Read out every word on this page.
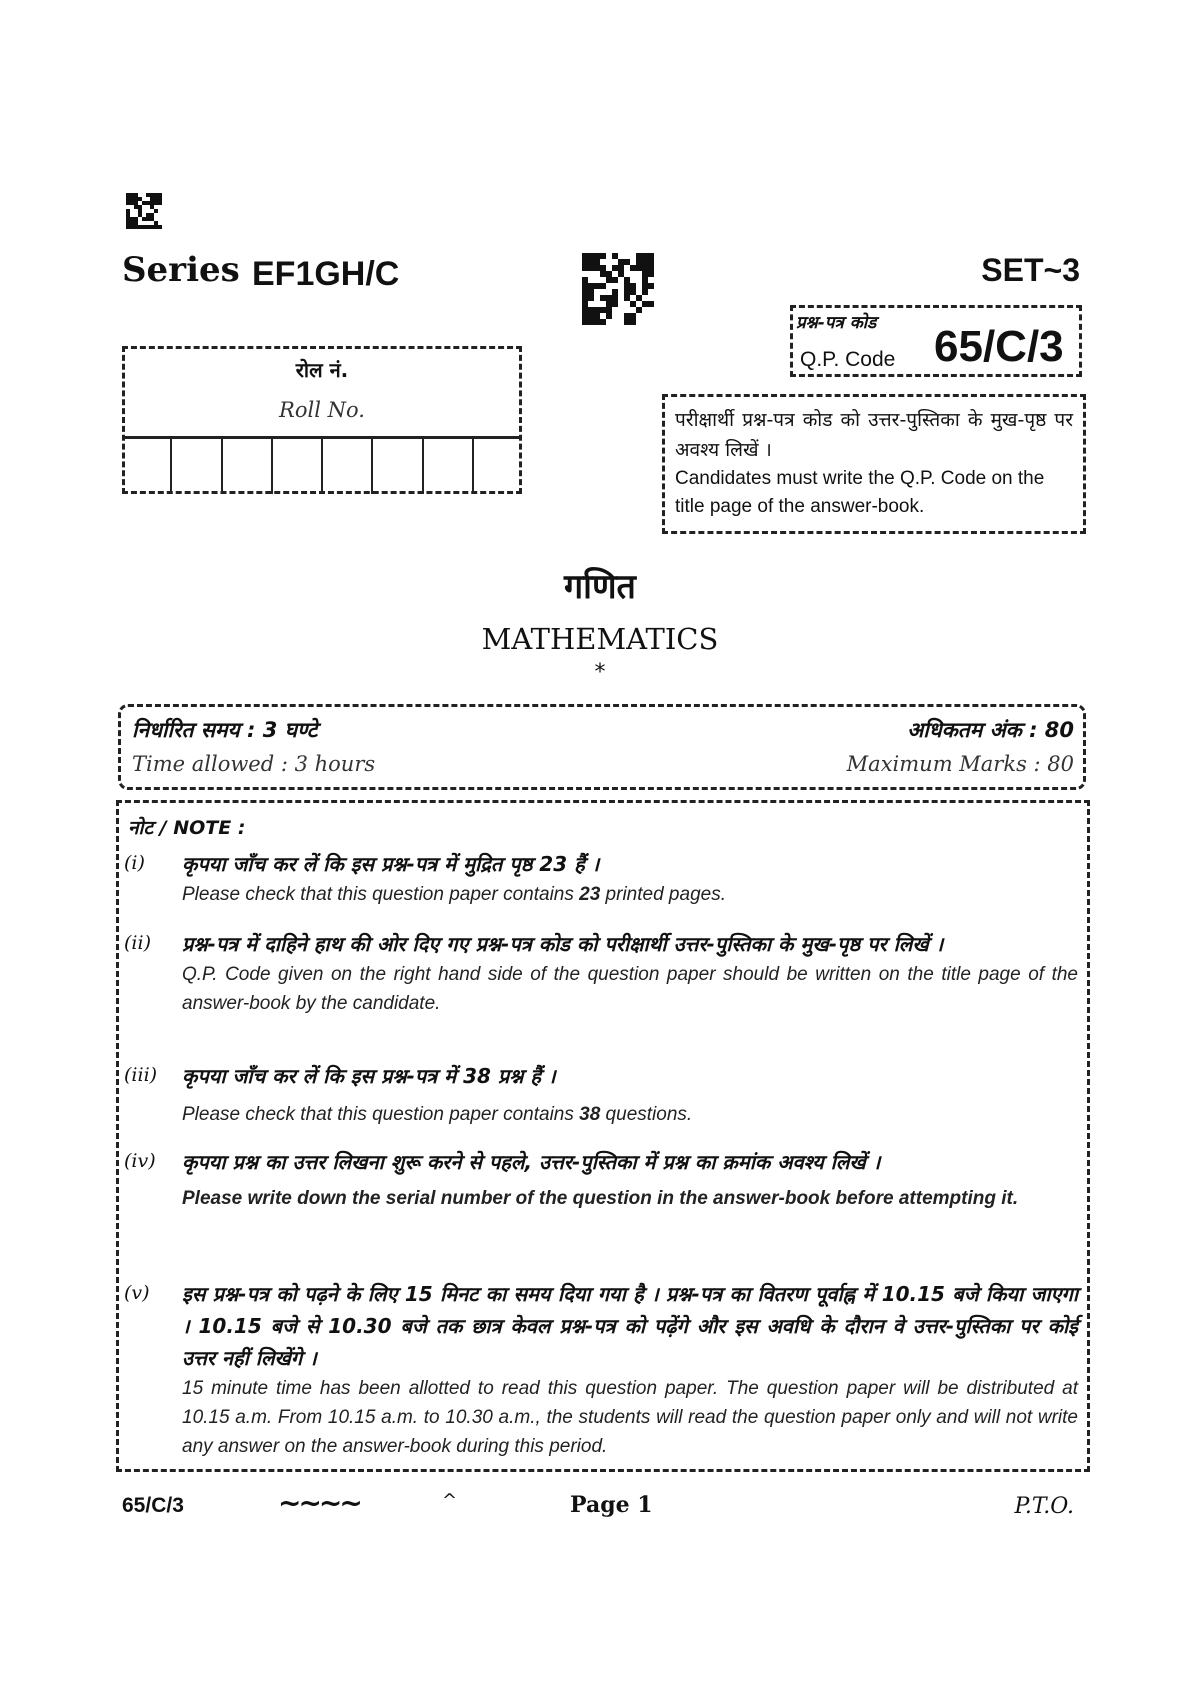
Series EF1GH/C	SET~3
प्रश्न-पत्र कोड
Q.P. Code 65/C/3
रोल नं.
Roll No.	परीक्षार्थी प्रश्न-पत्र कोड को उत्तर-पुस्तिका के मुख-पृष्ठ पर अवश्य लिखें ।
Candidates must write the Q.P. Code on the title page of the answer-book.
गणित
MATHEMATICS
*
निर्धारित समय : 3 घण्टे
Time allowed : 3 hours
अधिकतम अंक : 80
Maximum Marks : 80
नोट / NOTE :
(i) कृपया जाँच कर लें कि इस प्रश्न-पत्र में मुद्रित पृष्ठ 23 हैं ।
Please check that this question paper contains 23 printed pages.
(ii) प्रश्न-पत्र में दाहिने हाथ की ओर दिए गए प्रश्न-पत्र कोड को परीक्षार्थी उत्तर-पुस्तिका के मुख-पृष्ठ पर लिखें ।
Q.P. Code given on the right hand side of the question paper should be written on the title page of the answer-book by the candidate.
(iii) कृपया जाँच कर लें कि इस प्रश्न-पत्र में 38 प्रश्न हैं ।
Please check that this question paper contains 38 questions.
(iv) कृपया प्रश्न का उत्तर लिखना शुरू करने से पहले, उत्तर-पुस्तिका में प्रश्न का क्रमांक अवश्य लिखें ।
Please write down the serial number of the question in the answer-book before attempting it.
(v) इस प्रश्न-पत्र को पढ़ने के लिए 15 मिनट का समय दिया गया है । प्रश्न-पत्र का वितरण पूर्वाह्न में 10.15 बजे किया जाएगा । 10.15 बजे से 10.30 बजे तक छात्र केवल प्रश्न-पत्र को पढ़ेंगे और इस अवधि के दौरान वे उत्तर-पुस्तिका पर कोई उत्तर नहीं लिखेंगे ।
15 minute time has been allotted to read this question paper. The question paper will be distributed at 10.15 a.m. From 10.15 a.m. to 10.30 a.m., the students will read the question paper only and will not write any answer on the answer-book during this period.
65/C/3	~~~~	^	Page 1	P.T.O.
